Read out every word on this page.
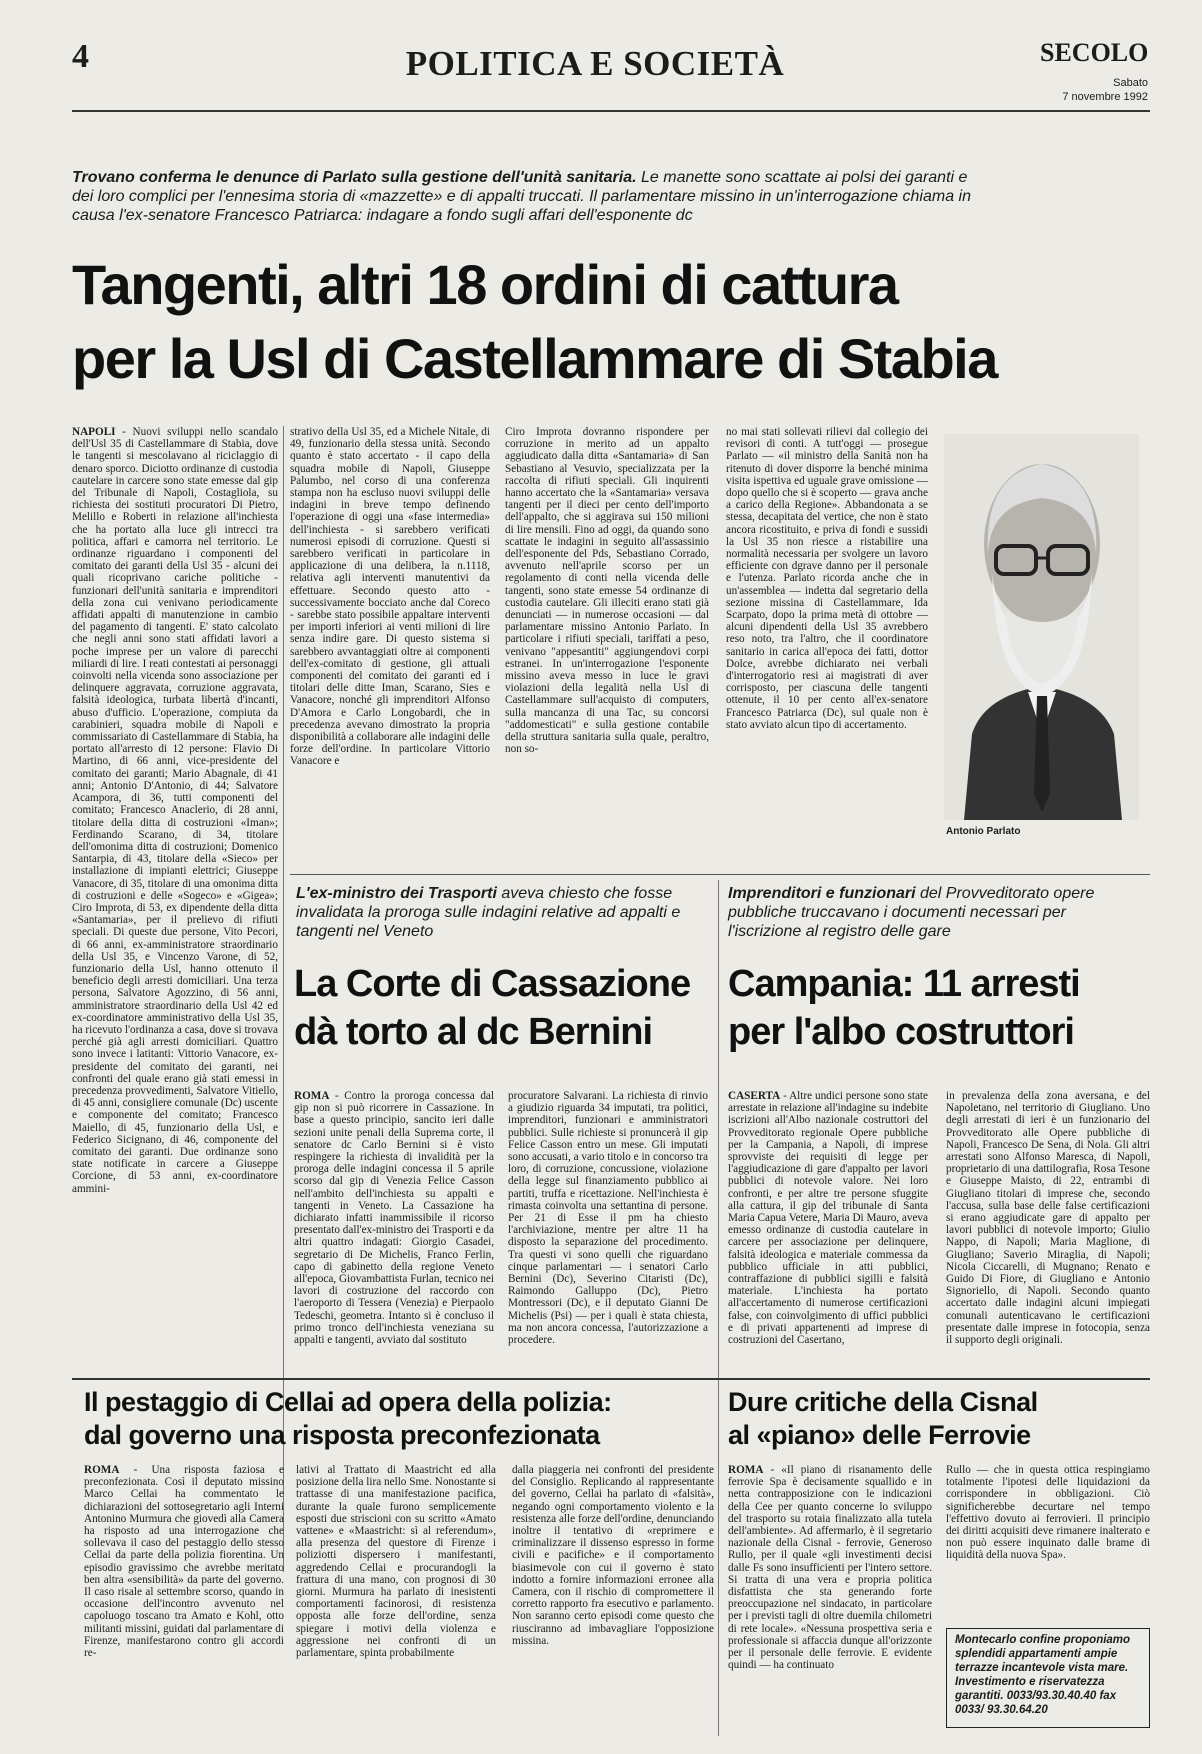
4	POLITICA E SOCIETÀ	SECOLO
Sabato
7 novembre 1992
Trovano conferma le denunce di Parlato sulla gestione dell'unità sanitaria. Le manette sono scattate ai polsi dei garanti e dei loro complici per l'ennesima storia di «mazzette» e di appalti truccati. Il parlamentare missino in un'interrogazione chiama in causa l'ex-senatore Francesco Patriarca: indagare a fondo sugli affari dell'esponente dc
Tangenti, altri 18 ordini di cattura
per la Usl di Castellammare di Stabia
NAPOLI - Nuovi sviluppi nello scandalo dell'Usl 35 di Castellammare di Stabia, dove le tangenti si mescolavano al riciclaggio di denaro sporco. Diciotto ordinanze di custodia cautelare in carcere sono state emesse dal gip del Tribunale di Napoli, Costagliola, su richiesta dei sostituti procuratori Di Pietro, Melillo e Roberti in relazione all'inchiesta che ha portato alla luce gli intrecci tra politica, affari e camorra nel territorio. Le ordinanze riguardano i componenti del comitato dei garanti della Usl 35 - alcuni dei quali ricoprivano cariche politiche - funzionari dell'unità sanitaria e imprenditori della zona cui venivano periodicamente affidati appalti di manutenzione in cambio del pagamento di tangenti. E' stato calcolato che negli anni sono stati affidati lavori a poche imprese per un valore di parecchi miliardi di lire. I reati contestati ai personaggi coinvolti nella vicenda sono associazione per delinquere aggravata, corruzione aggravata, falsità ideologica, turbata libertà d'incanti, abuso d'ufficio. L'operazione, compiuta da carabinieri, squadra mobile di Napoli e commissariato di Castellammare di Stabia, ha portato all'arresto di 12 persone: Flavio Di Martino, di 66 anni, vice-presidente del comitato dei garanti; Mario Abagnale, di 41 anni; Antonio D'Antonio, di 44; Salvatore Acampora, di 36, tutti componenti del comitato; Francesco Anaclerio, di 28 anni, titolare della ditta di costruzioni «Iman»; Ferdinando Scarano, di 34, titolare dell'omonima ditta di costruzioni; Domenico Santarpia, di 43, titolare della «Sieco» per installazione di impianti elettrici; Giuseppe Vanacore, di 35, titolare di una omonima ditta di costruzioni e delle «Sogeco» e «Gigea»; Ciro Improta, di 53, ex dipendente della ditta «Santamaria», per il prelievo di rifiuti speciali. Di queste due persone, Vito Pecori, di 66 anni, ex-amministratore straordinario della Usl 35, e Vincenzo Varone, di 52, funzionario della Usl, hanno ottenuto il beneficio degli arresti domiciliari. Una terza persona, Salvatore Agozzino, di 56 anni, amministratore straordinario della Usl 42 ed ex-coordinatore amministrativo della Usl 35, ha ricevuto l'ordinanza a casa, dove si trovava perché già agli arresti domiciliari. Quattro sono invece i latitanti: Vittorio Vanacore, ex-presidente del comitato dei garanti, nei confronti del quale erano già stati emessi in precedenza provvedimenti, Salvatore Vitiello, di 45 anni, consigliere comunale (Dc) uscente e componente del comitato; Francesco Maiello, di 45, funzionario della Usl, e Federico Sicignano, di 46, componente del comitato dei garanti. Due ordinanze sono state notificate in carcere a Giuseppe Corcione, di 53 anni, ex-coordinatore ammini-
strativo della Usl 35, ed a Michele Nitale, di 49, funzionario della stessa unità. Secondo quanto è stato accertato - il capo della squadra mobile di Napoli, Giuseppe Palumbo, nel corso di una conferenza stampa non ha escluso nuovi sviluppi delle indagini in breve tempo definendo l'operazione di oggi una «fase intermedia» dell'inchiesta - si sarebbero verificati numerosi episodi di corruzione. Questi si sarebbero verificati in particolare in applicazione di una delibera, la n.1118, relativa agli interventi manutentivi da effettuare. Secondo questo atto - successivamente bocciato anche dal Coreco - sarebbe stato possibile appaltare interventi per importi inferiori ai venti milioni di lire senza indire gare. Di questo sistema si sarebbero avvantaggiati oltre ai componenti dell'ex-comitato di gestione, gli attuali componenti del comitato dei garanti ed i titolari delle ditte Iman, Scarano, Sies e Vanacore, nonché gli imprenditori Alfonso D'Amora e Carlo Longobardi, che in precedenza avevano dimostrato la propria disponibilità a collaborare alle indagini delle forze dell'ordine. In particolare Vittorio Vanacore e
Ciro Improta dovranno rispondere per corruzione in merito ad un appalto aggiudicato dalla ditta «Santamaria» di San Sebastiano al Vesuvio, specializzata per la raccolta di rifiuti speciali. Gli inquirenti hanno accertato che la «Santamaria» versava tangenti per il dieci per cento dell'importo dell'appalto, che si aggirava sui 150 milioni di lire mensili. Fino ad oggi, da quando sono scattate le indagini in seguito all'assassinio dell'esponente del Pds, Sebastiano Corrado, avvenuto nell'aprile scorso per un regolamento di conti nella vicenda delle tangenti, sono state emesse 54 ordinanze di custodia cautelare. Gli illeciti erano stati già denunciati — in numerose occasioni — dal parlamentare missino Antonio Parlato. In particolare i rifiuti speciali, tariffati a peso, venivano "appesantiti" aggiungendovi corpi estranei. In un'interrogazione l'esponente missino aveva messo in luce le gravi violazioni della legalità nella Usl di Castellammare sull'acquisto di computers, sulla mancanza di una Tac, su concorsi "addomesticati" e sulla gestione contabile della struttura sanitaria sulla quale, peraltro, non so-
no mai stati sollevati rilievi dal collegio dei revisori di conti. A tutt'oggi — prosegue Parlato — «il ministro della Sanità non ha ritenuto di dover disporre la benché minima visita ispettiva ed uguale grave omissione — dopo quello che si è scoperto — grava anche a carico della Regione». Abbandonata a se stessa, decapitata del vertice, che non è stato ancora ricostituito, e priva di fondi e sussidi la Usl 35 non riesce a ristabilire una normalità necessaria per svolgere un lavoro efficiente con dgrave danno per il personale e l'utenza. Parlato ricorda anche che in un'assemblea — indetta dal segretario della sezione missina di Castellammare, Ida Scarpato, dopo la prima metà di ottobre — alcuni dipendenti della Usl 35 avrebbero reso noto, tra l'altro, che il coordinatore sanitario in carica all'epoca dei fatti, dottor Dolce, avrebbe dichiarato nei verbali d'interrogatorio resi ai magistrati di aver corrisposto, per ciascuna delle tangenti ottenute, il 10 per cento all'ex-senatore Francesco Patriarca (Dc), sul quale non è stato avviato alcun tipo di accertamento.
Antonio Parlato
L'ex-ministro dei Trasporti aveva chiesto che fosse invalidata la proroga sulle indagini relative ad appalti e tangenti nel Veneto
La Corte di Cassazione
dà torto al dc Bernini
ROMA - Contro la proroga concessa dal gip non si può ricorrere in Cassazione. In base a questo principio, sancito ieri dalle sezioni unite penali della Suprema corte, il senatore dc Carlo Bernini si è visto respingere la richiesta di invalidità per la proroga delle indagini concessa il 5 aprile scorso dal gip di Venezia Felice Casson nell'ambito dell'inchiesta su appalti e tangenti in Veneto. La Cassazione ha dichiarato infatti inammissibile il ricorso presentato dall'ex-ministro dei Trasporti e da altri quattro indagati: Giorgio Casadei, segretario di De Michelis, Franco Ferlin, capo di gabinetto della regione Veneto all'epoca, Giovambattista Furlan, tecnico nei lavori di costruzione del raccordo con l'aeroporto di Tessera (Venezia) e Pierpaolo Tedeschi, geometra. Intanto si è concluso il primo tronco dell'inchiesta veneziana su appalti e tangenti, avviato dal sostituto
procuratore Salvarani. La richiesta di rinvio a giudizio riguarda 34 imputati, tra politici, imprenditori, funzionari e amministratori pubblici. Sulle richieste si pronuncerà il gip Felice Casson entro un mese. Gli imputati sono accusati, a vario titolo e in concorso tra loro, di corruzione, concussione, violazione della legge sul finanziamento pubblico ai partiti, truffa e ricettazione. Nell'inchiesta è rimasta coinvolta una settantina di persone. Per 21 di Esse il pm ha chiesto l'archiviazione, mentre per altre 11 ha disposto la separazione del procedimento. Tra questi vi sono quelli che riguardano cinque parlamentari — i senatori Carlo Bernini (Dc), Severino Citaristi (Dc), Raimondo Galluppo (Dc), Pietro Montressori (Dc), e il deputato Gianni De Michelis (Psi) — per i quali è stata chiesta, ma non ancora concessa, l'autorizzazione a procedere.
Imprenditori e funzionari del Provveditorato opere pubbliche truccavano i documenti necessari per l'iscrizione al registro delle gare
Campania: 11 arresti
per l'albo costruttori
CASERTA - Altre undici persone sono state arrestate in relazione all'indagine su indebite iscrizioni all'Albo nazionale costruttori del Provveditorato regionale Opere pubbliche per la Campania, a Napoli, di imprese sprovviste dei requisiti di legge per l'aggiudicazione di gare d'appalto per lavori pubblici di notevole valore. Nei loro confronti, e per altre tre persone sfuggite alla cattura, il gip del tribunale di Santa Maria Capua Vetere, Maria Di Mauro, aveva emesso ordinanze di custodia cautelare in carcere per associazione per delinquere, falsità ideologica e materiale commessa da pubblico ufficiale in atti pubblici, contraffazione di pubblici sigilli e falsità materiale. L'inchiesta ha portato all'accertamento di numerose certificazioni false, con coinvolgimento di uffici pubblici e di privati appartenenti ad imprese di costruzioni del Casertano,
in prevalenza della zona aversana, e del Napoletano, nel territorio di Giugliano. Uno degli arrestati di ieri è un funzionario del Provveditorato alle Opere pubbliche di Napoli, Francesco De Sena, di Nola. Gli altri arrestati sono Alfonso Maresca, di Napoli, proprietario di una dattilografia, Rosa Tesone e Giuseppe Maisto, di 22, entrambi di Giugliano titolari di imprese che, secondo l'accusa, sulla base delle false certificazioni si erano aggiudicate gare di appalto per lavori pubblici di notevole importo; Giulio Nappo, di Napoli; Maria Maglione, di Giugliano; Saverio Miraglia, di Napoli; Nicola Ciccarelli, di Mugnano; Renato e Guido Di Fiore, di Giugliano e Antonio Signoriello, di Napoli. Secondo quanto accertato dalle indagini alcuni impiegati comunali autenticavano le certificazioni presentate dalle imprese in fotocopia, senza il supporto degli originali.
Il pestaggio di Cellai ad opera della polizia:
dal governo una risposta preconfezionata
ROMA - Una risposta faziosa e preconfezionata. Così il deputato missino Marco Cellai ha commentato le dichiarazioni del sottosegretario agli Interni Antonino Murmura che giovedì alla Camera ha risposto ad una interrogazione che sollevava il caso del pestaggio dello stesso Cellai da parte della polizia fiorentina. Un episodio gravissimo che avrebbe meritato ben altra «sensibilità» da parte del governo. Il caso risale al settembre scorso, quando in occasione dell'incontro avvenuto nel capoluogo toscano tra Amato e Kohl, otto militanti missini, guidati dal parlamentare di Firenze, manifestarono contro gli accordi re-
lativi al Trattato di Maastricht ed alla posizione della lira nello Sme. Nonostante si trattasse di una manifestazione pacifica, durante la quale furono semplicemente esposti due striscioni con su scritto «Amato vattene» e «Maastricht: sì al referendum», alla presenza del questore di Firenze i poliziotti dispersero i manifestanti, aggredendo Cellai e procurandogli la frattura di una mano, con prognosi di 30 giorni. Murmura ha parlato di inesistenti comportamenti facinorosi, di resistenza opposta alle forze dell'ordine, senza spiegare i motivi della violenza e aggressione nei confronti di un parlamentare, spinta probabilmente
dalla piaggeria nei confronti del presidente del Consiglio. Replicando al rappresentante del governo, Cellai ha parlato di «falsità», negando ogni comportamento violento e la resistenza alle forze dell'ordine, denunciando inoltre il tentativo di «reprimere e criminalizzare il dissenso espresso in forme civili e pacifiche» e il comportamento biasimevole con cui il governo è stato indotto a fornire informazioni erronee alla Camera, con il rischio di compromettere il corretto rapporto fra esecutivo e parlamento. Non saranno certo episodi come questo che riusciranno ad imbavagliare l'opposizione missina.
Dure critiche della Cisnal
al «piano» delle Ferrovie
ROMA - «Il piano di risanamento delle ferrovie Spa è decisamente squallido e in netta contrapposizione con le indicazioni della Cee per quanto concerne lo sviluppo del trasporto su rotaia finalizzato alla tutela dell'ambiente». Ad affermarlo, è il segretario nazionale della Cisnal - ferrovie, Generoso Rullo, per il quale «gli investimenti decisi dalle Fs sono insufficienti per l'intero settore. Si tratta di una vera e propria politica disfattista che sta generando forte preoccupazione nel sindacato, in particolare per i previsti tagli di oltre duemila chilometri di rete locale». «Nessuna prospettiva seria e professionale si affaccia dunque all'orizzonte per il personale delle ferrovie. E evidente quindi — ha continuato
Rullo — che in questa ottica respingiamo totalmente l'ipotesi delle liquidazioni da corrispondere in obbligazioni. Ciò significherebbe decurtare nel tempo l'effettivo dovuto ai ferrovieri. Il principio dei diritti acquisiti deve rimanere inalterato e non può essere inquinato dalle brame di liquidità della nuova Spa».
Montecarlo confine proponiamo splendidi appartamenti ampie terrazze incantevole vista mare. Investimento e riservatezza garantiti. 0033/93.30.40.40 fax 0033/ 93.30.64.20
